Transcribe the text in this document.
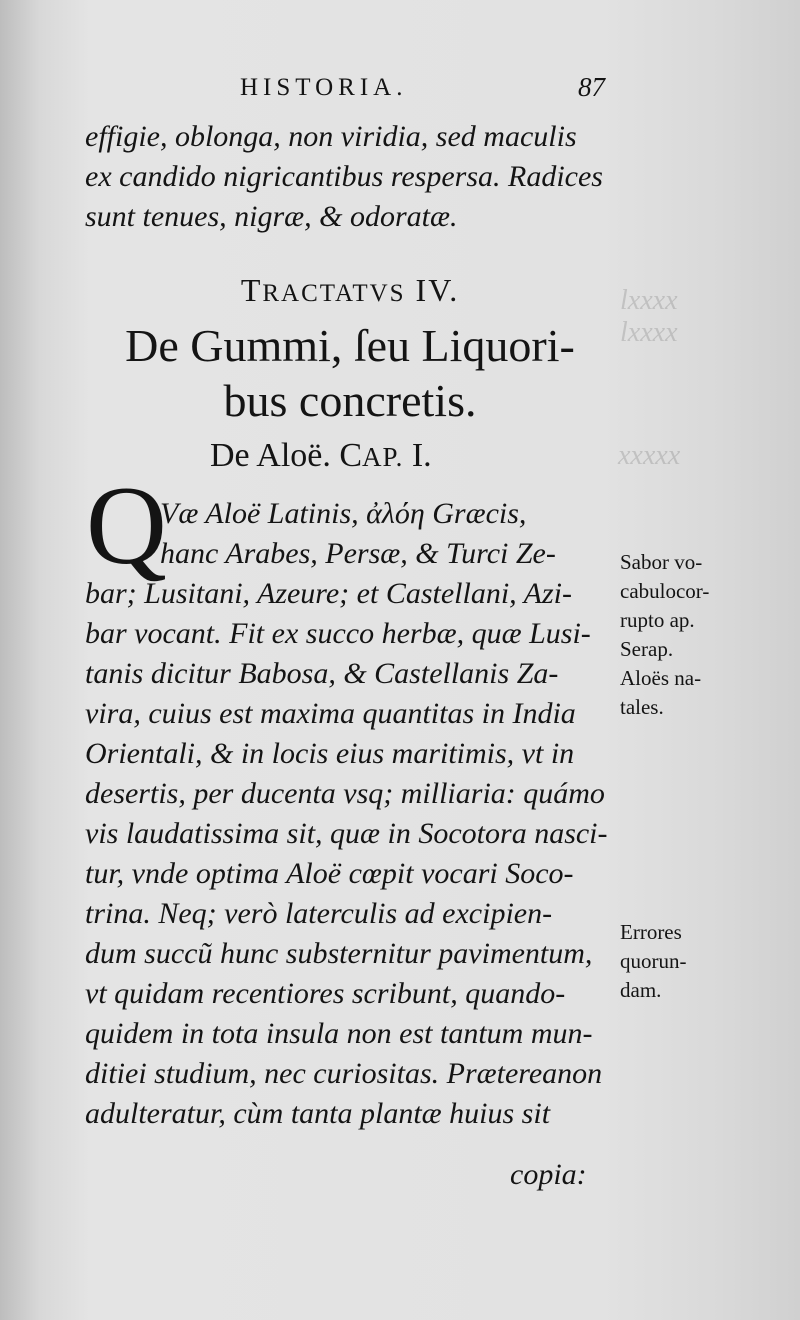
lxxxx
lxxxx
xxxxx
HISTORIA.	87
effigie, oblonga, non viridia, sed maculis
ex candido nigricantibus respersa. Radices
sunt tenues, nigræ, & odoratæ.
TRACTATVS IV.
De Gummi, ſeu Liquori-
bus concretis.
De Aloë. CAP. I.
Q
Væ Aloë Latinis, ἀλόη Græcis,
hanc Arabes, Persæ, & Turci Ze-
bar; Lusitani, Azeure; et Castellani, Azi-
bar vocant. Fit ex succo herbæ, quæ Lusi-
tanis dicitur Babosa, & Castellanis Za-
vira, cuius est maxima quantitas in India
Orientali, & in locis eius maritimis, vt in
desertis, per ducenta vsq; milliaria: quámo
vis laudatissima sit, quæ in Socotora nasci-
tur, vnde optima Aloë cœpit vocari Soco-
trina. Neq; verò laterculis ad excipien-
dum succũ hunc substernitur pavimentum,
vt quidam recentiores scribunt, quando-
quidem in tota insula non est tantum mun-
ditiei studium, nec curiositas. Prætereanon
adulteratur, cùm tanta plantæ huius sit
copia:
Sabor vo-
cabulocor-
rupto ap.
Serap.
Aloës na-
tales.
Errores
quorun-
dam.
